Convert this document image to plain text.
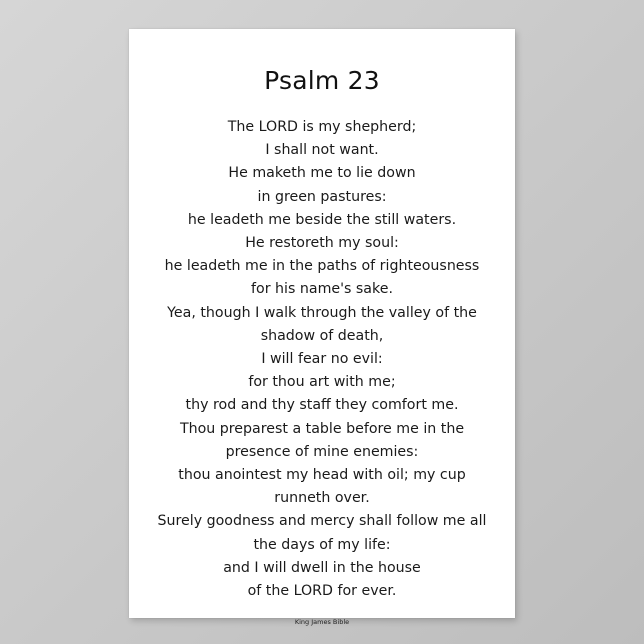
Psalm 23
The LORD is my shepherd;
I shall not want.
He maketh me to lie down
in green pastures:
he leadeth me beside the still waters.
He restoreth my soul:
he leadeth me in the paths of righteousness
for his name's sake.
Yea, though I walk through the valley of the
shadow of death,
I will fear no evil:
for thou art with me;
thy rod and thy staff they comfort me.
Thou preparest a table before me in the
presence of mine enemies:
thou anointest my head with oil; my cup
runneth over.
Surely goodness and mercy shall follow me all
the days of my life:
and I will dwell in the house
of the LORD for ever.
King James Bible
